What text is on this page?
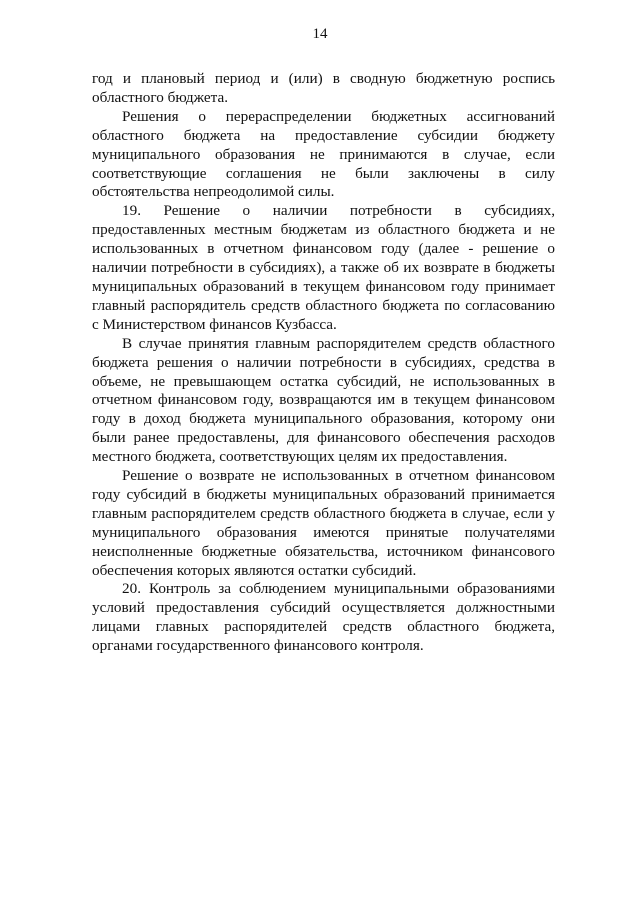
14

год и плановый период и (или) в сводную бюджетную роспись областного бюджета.

Решения о перераспределении бюджетных ассигнований областного бюджета на предоставление субсидии бюджету муниципального образования не принимаются в случае, если соответствующие соглашения не были заключены в силу обстоятельства непреодолимой силы.

19. Решение о наличии потребности в субсидиях, предоставленных местным бюджетам из областного бюджета и не использованных в отчетном финансовом году (далее - решение о наличии потребности в субсидиях), а также об их возврате в бюджеты муниципальных образований в текущем финансовом году принимает главный распорядитель средств областного бюджета по согласованию с Министерством финансов Кузбасса.

В случае принятия главным распорядителем средств областного бюджета решения о наличии потребности в субсидиях, средства в объеме, не превышающем остатка субсидий, не использованных в отчетном финансовом году, возвращаются им в текущем финансовом году в доход бюджета муниципального образования, которому они были ранее предоставлены, для финансового обеспечения расходов местного бюджета, соответствующих целям их предоставления.

Решение о возврате не использованных в отчетном финансовом году субсидий в бюджеты муниципальных образований принимается главным распорядителем средств областного бюджета в случае, если у муниципального образования имеются принятые получателями неисполненные бюджетные обязательства, источником финансового обеспечения которых являются остатки субсидий.

20. Контроль за соблюдением муниципальными образованиями условий предоставления субсидий осуществляется должностными лицами главных распорядителей средств областного бюджета, органами государственного финансового контроля.
